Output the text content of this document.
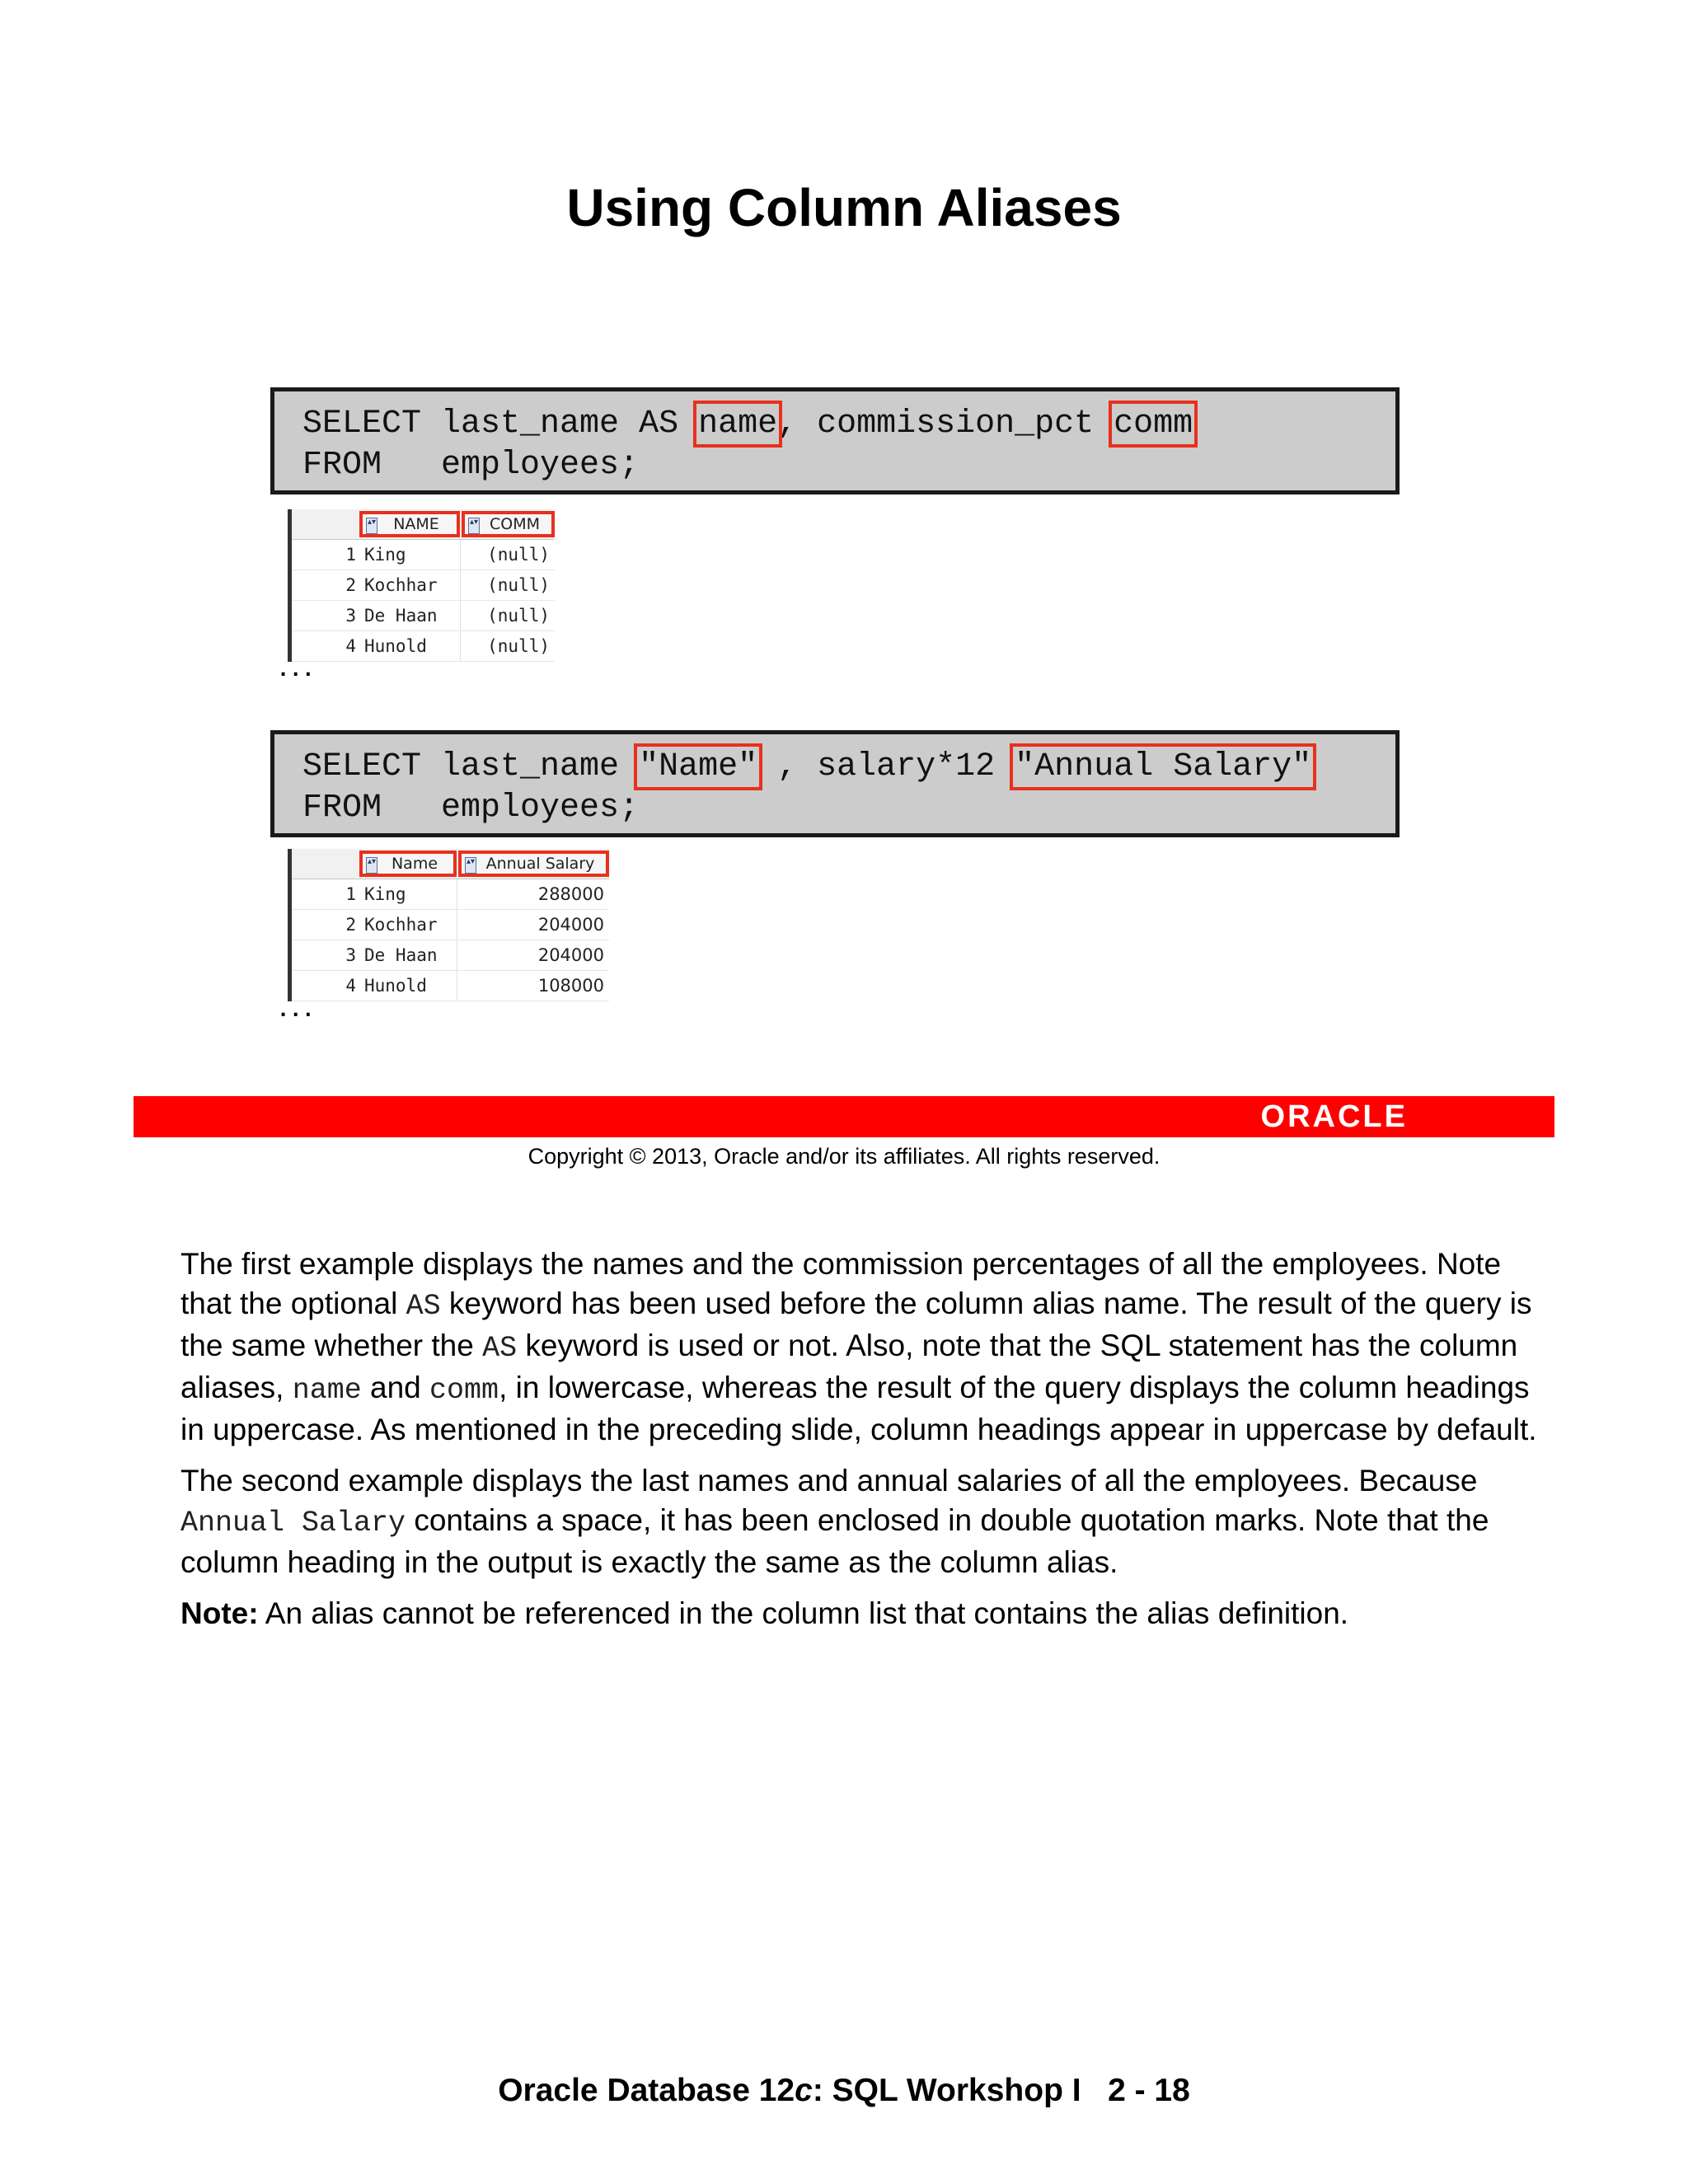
Using Column Aliases
SELECT last_name AS name, commission_pct comm
FROM   employees;
▴▾	NAME	▴▾ COMM
1 King	(null)
2 Kochhar	(null)
3 De Haan	(null)
4 Hunold	(null)
...
SELECT last_name "Name" , salary*12 "Annual Salary"
FROM   employees;
▴▾ Name	▴▾ Annual Salary
1 King	288000
2 Kochhar	204000
3 De Haan	204000
4 Hunold	108000
...
ORACLE
Copyright © 2013, Oracle and/or its affiliates. All rights reserved.

The first example displays the names and the commission percentages of all the employees. Note that the optional AS keyword has been used before the column alias name. The result of the query is the same whether the AS keyword is used or not. Also, note that the SQL statement has the column aliases, name and comm, in lowercase, whereas the result of the query displays the column headings in uppercase. As mentioned in the preceding slide, column headings appear in uppercase by default.

The second example displays the last names and annual salaries of all the employees. Because Annual Salary contains a space, it has been enclosed in double quotation marks. Note that the column heading in the output is exactly the same as the column alias.

Note: An alias cannot be referenced in the column list that contains the alias definition.

Oracle Database 12c: SQL Workshop I   2 - 18
